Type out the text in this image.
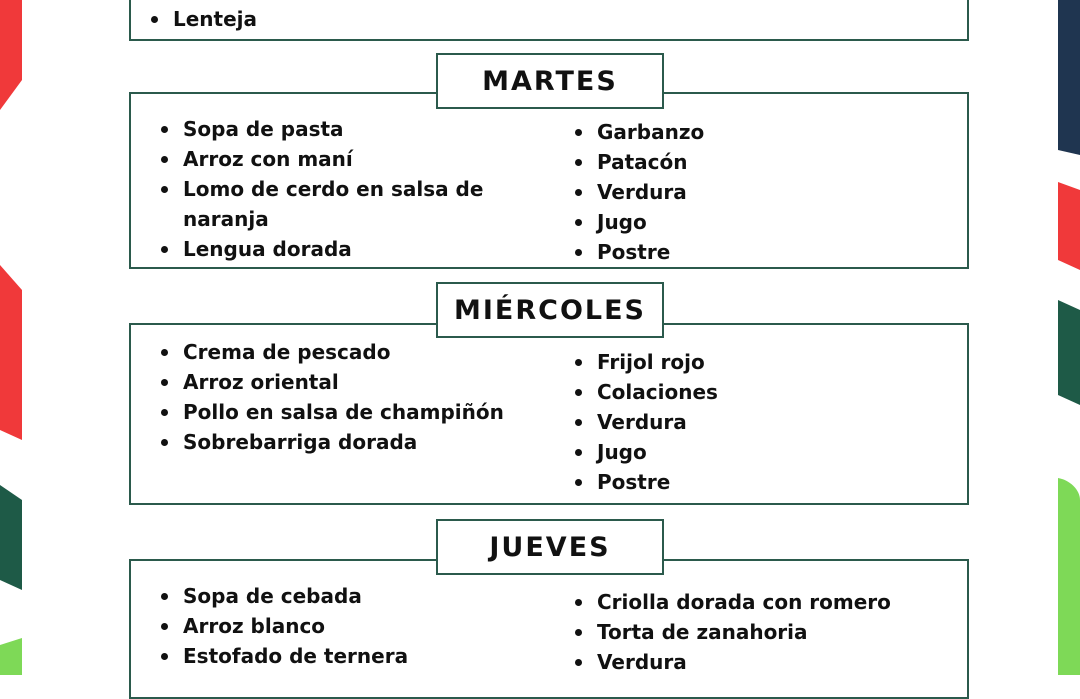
Lenteja
Sopa de pasta
Arroz con maní
Lomo de cerdo en salsa de naranja
Lengua dorada
Garbanzo
Patacón
Verdura
Jugo
Postre
MARTES
Crema de pescado
Arroz oriental
Pollo en salsa de champiñón
Sobrebarriga dorada
Frijol rojo
Colaciones
Verdura
Jugo
Postre
MIÉRCOLES
Sopa de cebada
Arroz blanco
Estofado de ternera
Criolla dorada con romero
Torta de zanahoria
Verdura
JUEVES
